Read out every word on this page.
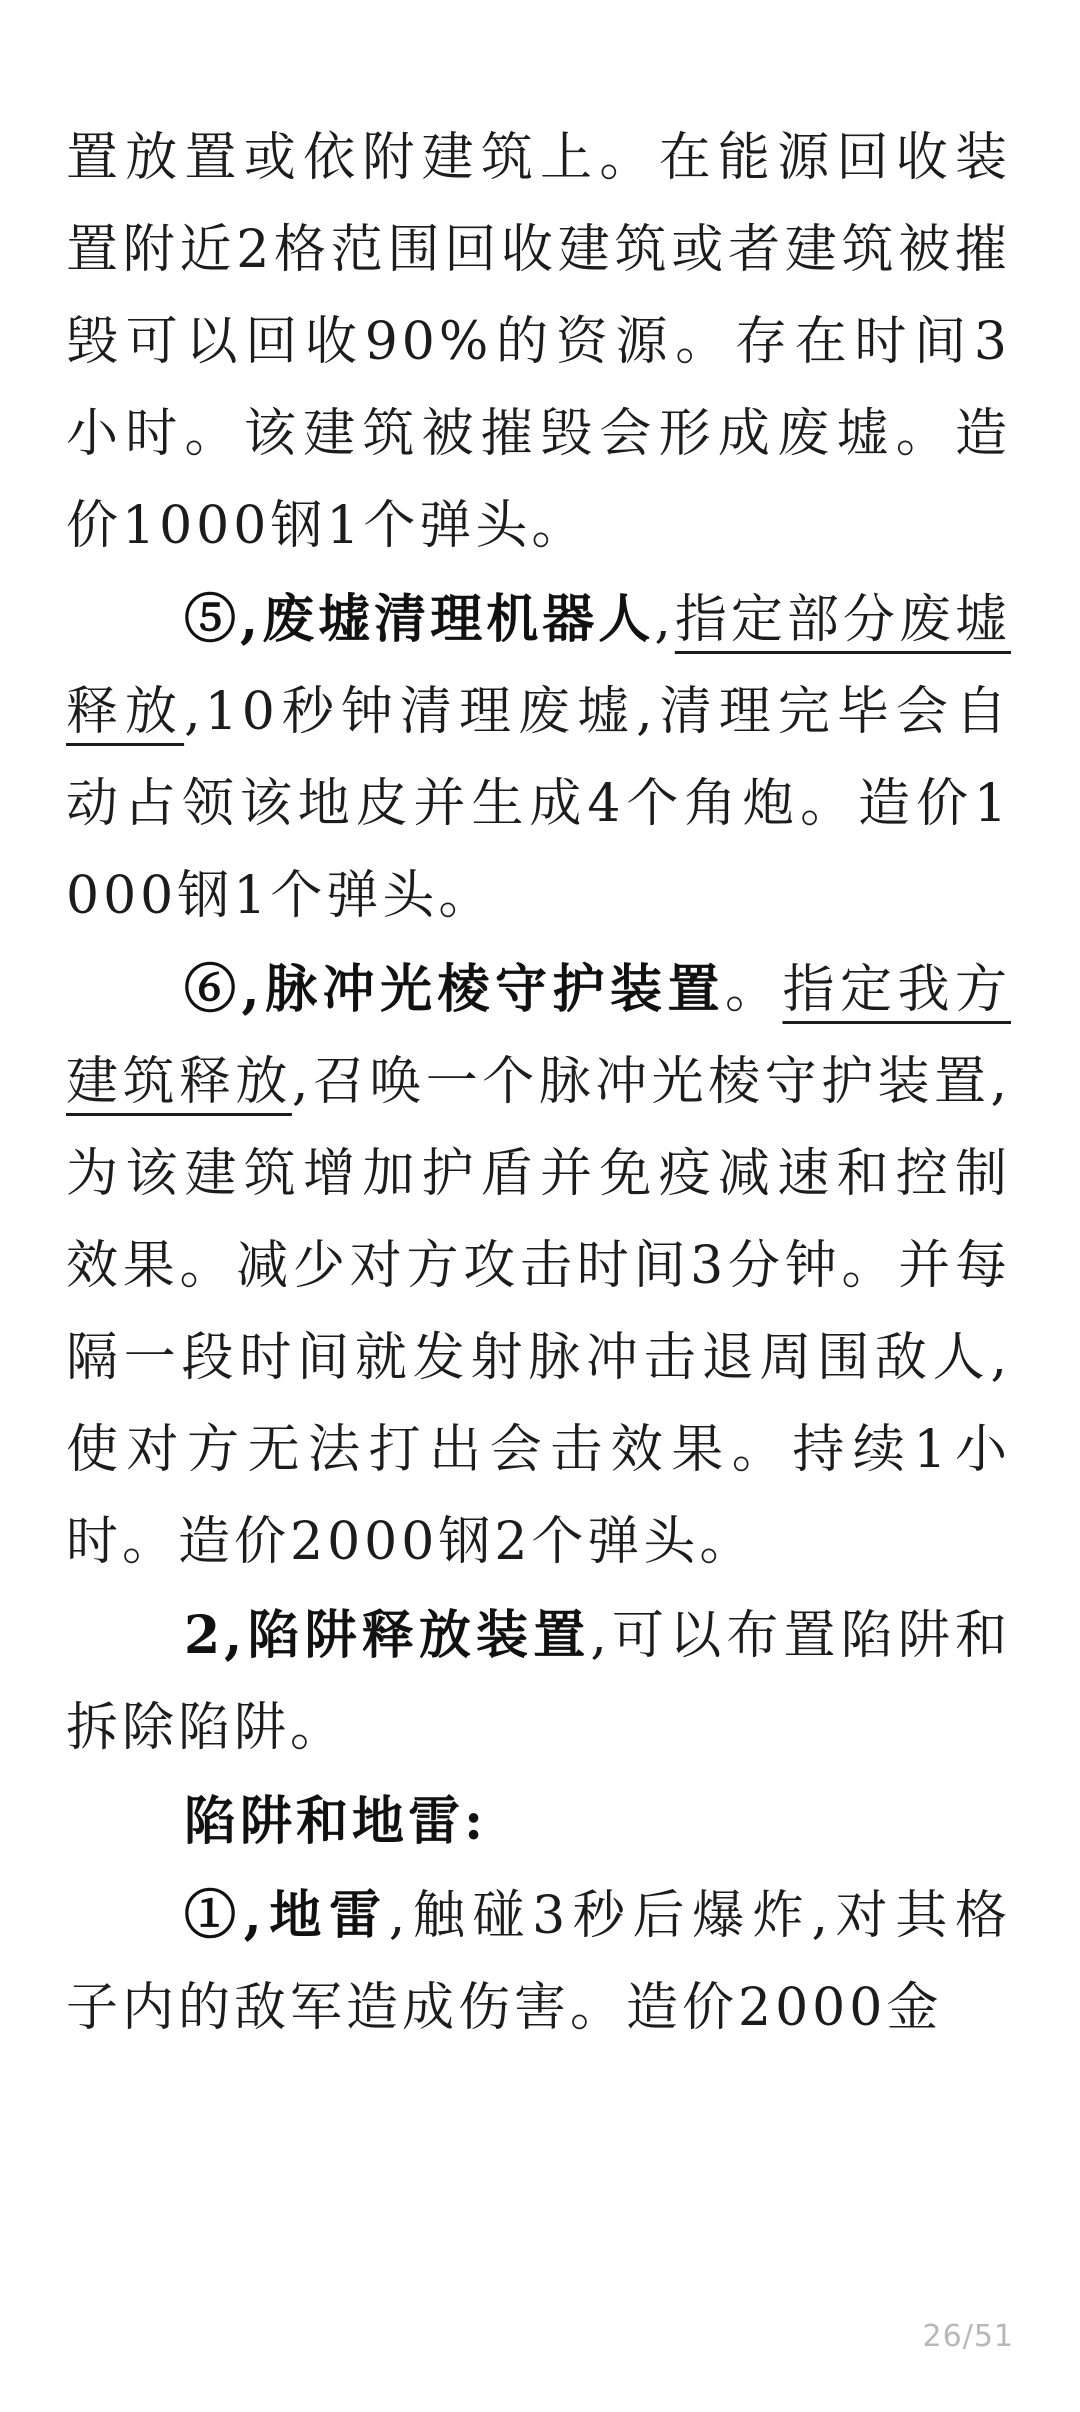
置放置或依附建筑上。在能源回收装置附近2格范围回收建筑或者建筑被摧毁可以回收90%的资源。存在时间3小时。该建筑被摧毁会形成废墟。造价1000钢1个弹头。

⑤,废墟清理机器人,指定部分废墟释放,10秒钟清理废墟,清理完毕会自动占领该地皮并生成4个角炮。造价1000钢1个弹头。

⑥,脉冲光棱守护装置。指定我方建筑释放,召唤一个脉冲光棱守护装置,为该建筑增加护盾并免疫减速和控制效果。减少对方攻击时间3分钟。并每隔一段时间就发射脉冲击退周围敌人,使对方无法打出会击效果。持续1小时。造价2000钢2个弹头。

2,陷阱释放装置,可以布置陷阱和拆除陷阱。

陷阱和地雷:

①,地雷,触碰3秒后爆炸,对其格子内的敌军造成伤害。造价2000金

26/51
